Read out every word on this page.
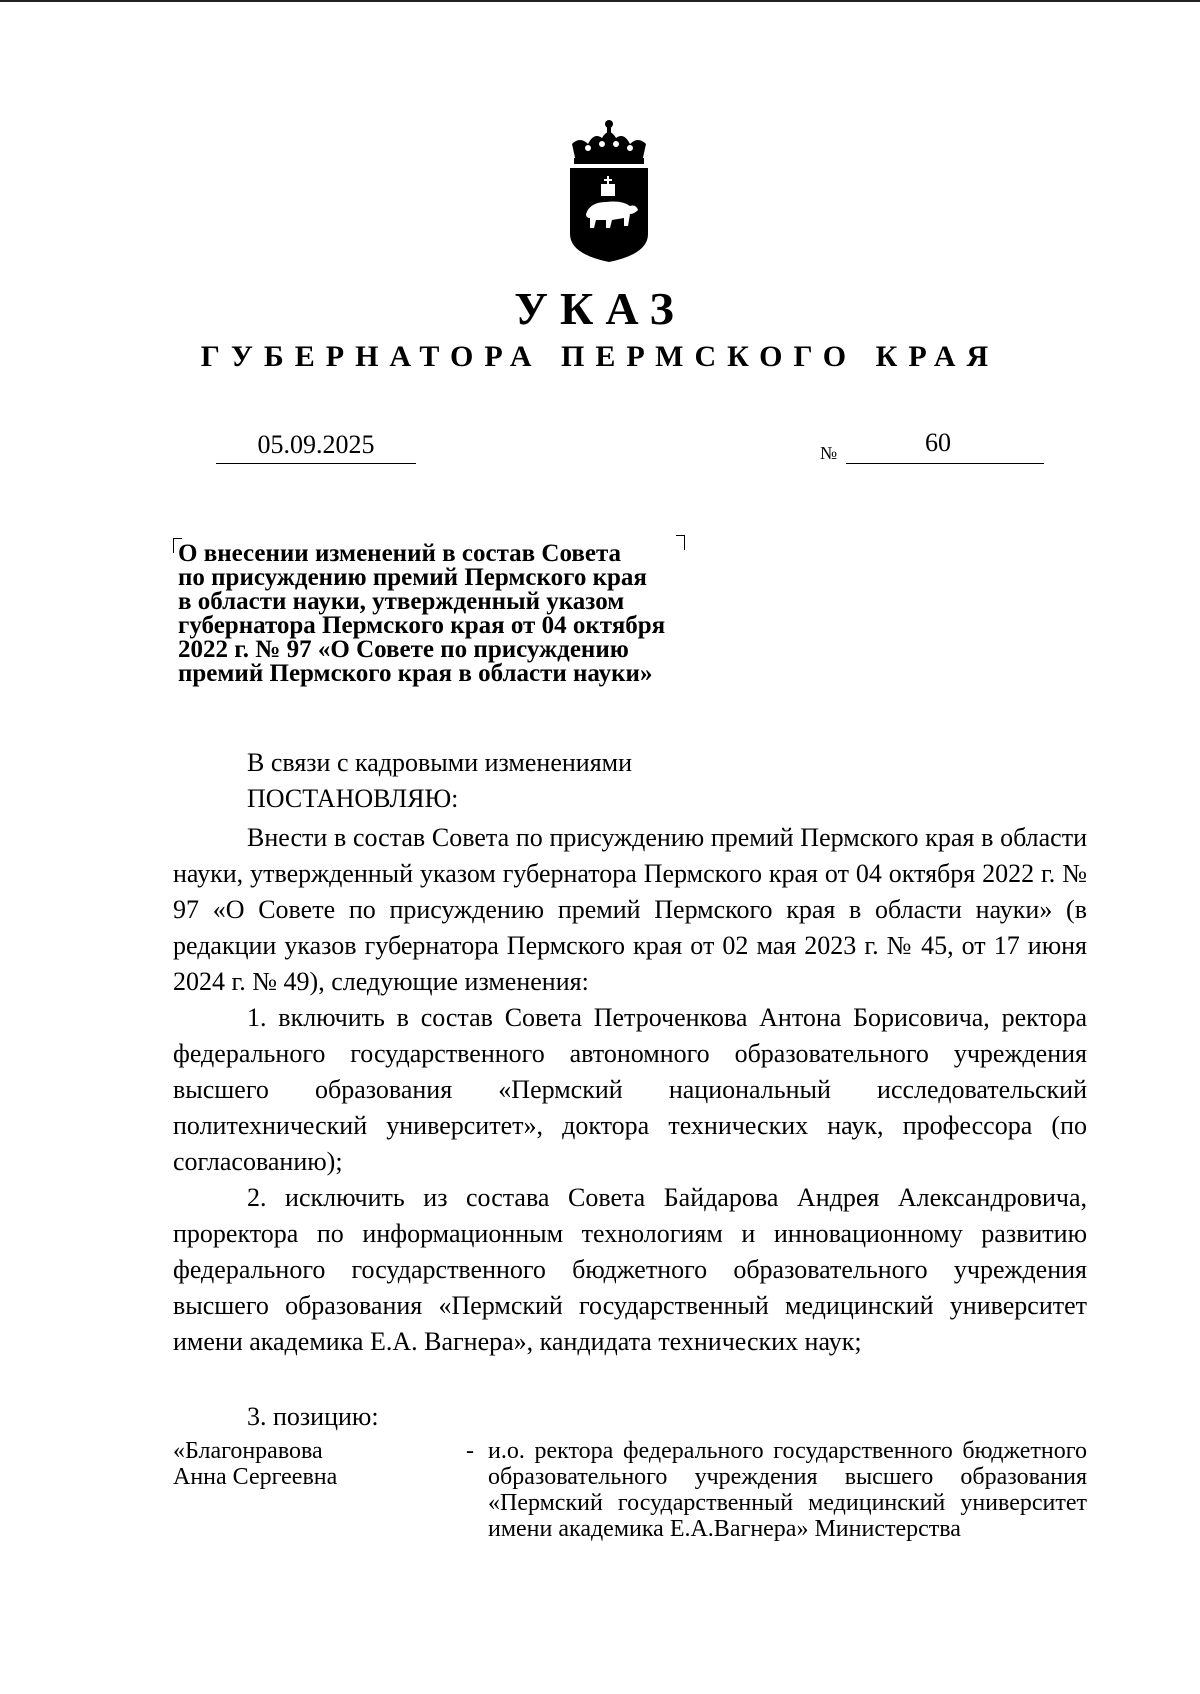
УКАЗ
ГУБЕРНАТОРА ПЕРМСКОГО КРАЯ
05.09.2025	№	60
О внесении изменений в состав Совета
по присуждению премий Пермского края
в области науки, утвержденный указом
губернатора Пермского края от 04 октября
2022 г. № 97 «О Совете по присуждению
премий Пермского края в области науки»
В связи с кадровыми изменениями
ПОСТАНОВЛЯЮ:

Внести в состав Совета по присуждению премий Пермского края в области науки, утвержденный указом губернатора Пермского края от 04 октября 2022 г. № 97 «О Совете по присуждению премий Пермского края в области науки» (в редакции указов губернатора Пермского края от 02 мая 2023 г. № 45, от 17 июня 2024 г. № 49), следующие изменения:

1. включить в состав Совета Петроченкова Антона Борисовича, ректора федерального государственного автономного образовательного учреждения высшего образования «Пермский национальный исследовательский политехнический университет», доктора технических наук, профессора (по согласованию);

2. исключить из состава Совета Байдарова Андрея Александровича, проректора по информационным технологиям и инновационному развитию федерального государственного бюджетного образовательного учреждения высшего образования «Пермский государственный медицинский университет имени академика Е.А. Вагнера», кандидата технических наук;

3. позицию:
«Благонравова
Анна Сергеевна
- и.о. ректора федерального государственного бюджетного образовательного учреждения высшего образования «Пермский государственный медицинский университет имени академика Е.А.Вагнера» Министерства
